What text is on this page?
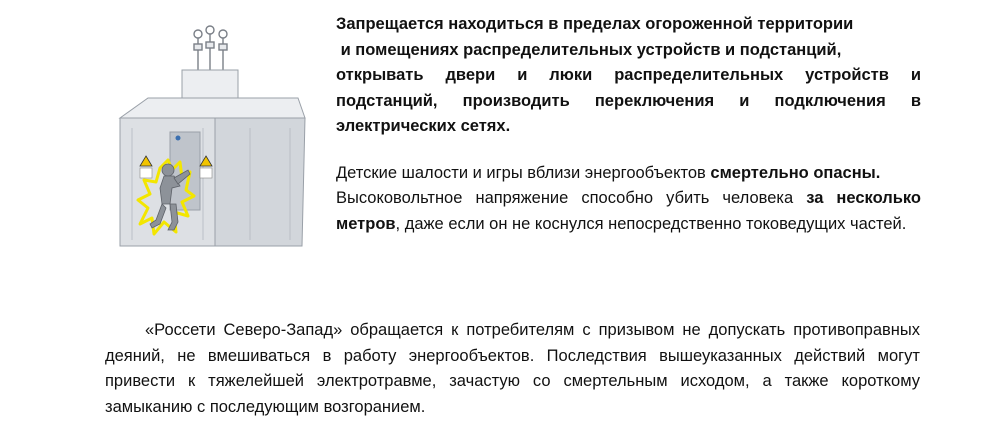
Запрещается находиться в пределах огороженной территории
и помещениях распределительных устройств и подстанций,
открывать двери и люки распределительных устройств и подстанций, производить переключения и подключения в электрических сетях.

Детские шалости и игры вблизи энергообъектов смертельно опасны.

Высоковольтное напряжение способно убить человека за несколько метров, даже если он не коснулся непосредственно токоведущих частей.

«Россети Северо-Запад» обращается к потребителям с призывом не допускать противоправных деяний, не вмешиваться в работу энергообъектов. Последствия вышеуказанных действий могут привести к тяжелейшей электротравме, зачастую со смертельным исходом, а также короткому замыканию с последующим возгоранием.
